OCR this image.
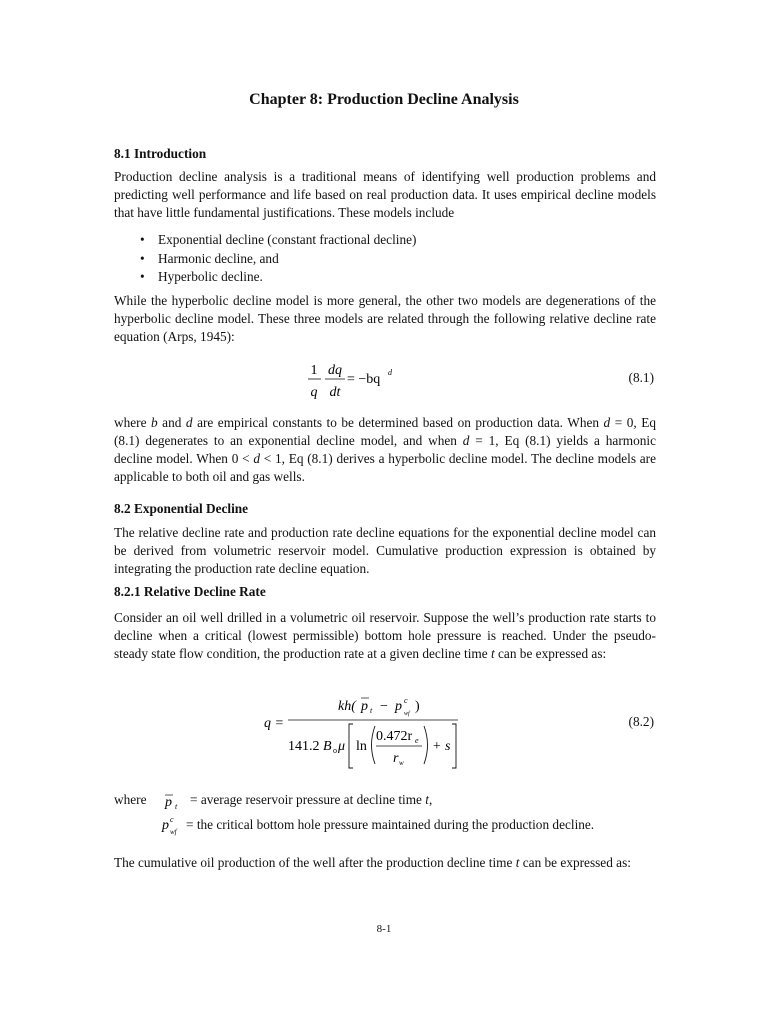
Chapter 8: Production Decline Analysis
8.1 Introduction
Production decline analysis is a traditional means of identifying well production problems and predicting well performance and life based on real production data. It uses empirical decline models that have little fundamental justifications. These models include
• Exponential decline (constant fractional decline)
• Harmonic decline, and
• Hyperbolic decline.
While the hyperbolic decline model is more general, the other two models are degenerations of the hyperbolic decline model. These three models are related through the following relative decline rate equation (Arps, 1945):
1
q
dq
dt
= −bq d	(8.1)
where b and d are empirical constants to be determined based on production data. When d = 0, Eq (8.1) degenerates to an exponential decline model, and when d = 1, Eq (8.1) yields a harmonic decline model. When 0 < d < 1, Eq (8.1) derives a hyperbolic decline model. The decline models are applicable to both oil and gas wells.
8.2 Exponential Decline
The relative decline rate and production rate decline equations for the exponential decline model can be derived from volumetric reservoir model. Cumulative production expression is obtained by integrating the production rate decline equation.
8.2.1 Relative Decline Rate
Consider an oil well drilled in a volumetric oil reservoir. Suppose the well’s production rate starts to decline when a critical (lowest permissible) bottom hole pressure is reached. Under the pseudo-steady state flow condition, the production rate at a given decline time t can be expressed as:
q =
kh( p t − p c
wf )
141.2 B o μ ln
0.472r e
r w
+ s
(8.2)
where p t = average reservoir pressure at decline time t,
p c
wf = the critical bottom hole pressure maintained during the production decline.
The cumulative oil production of the well after the production decline time t can be expressed as:
8-1
